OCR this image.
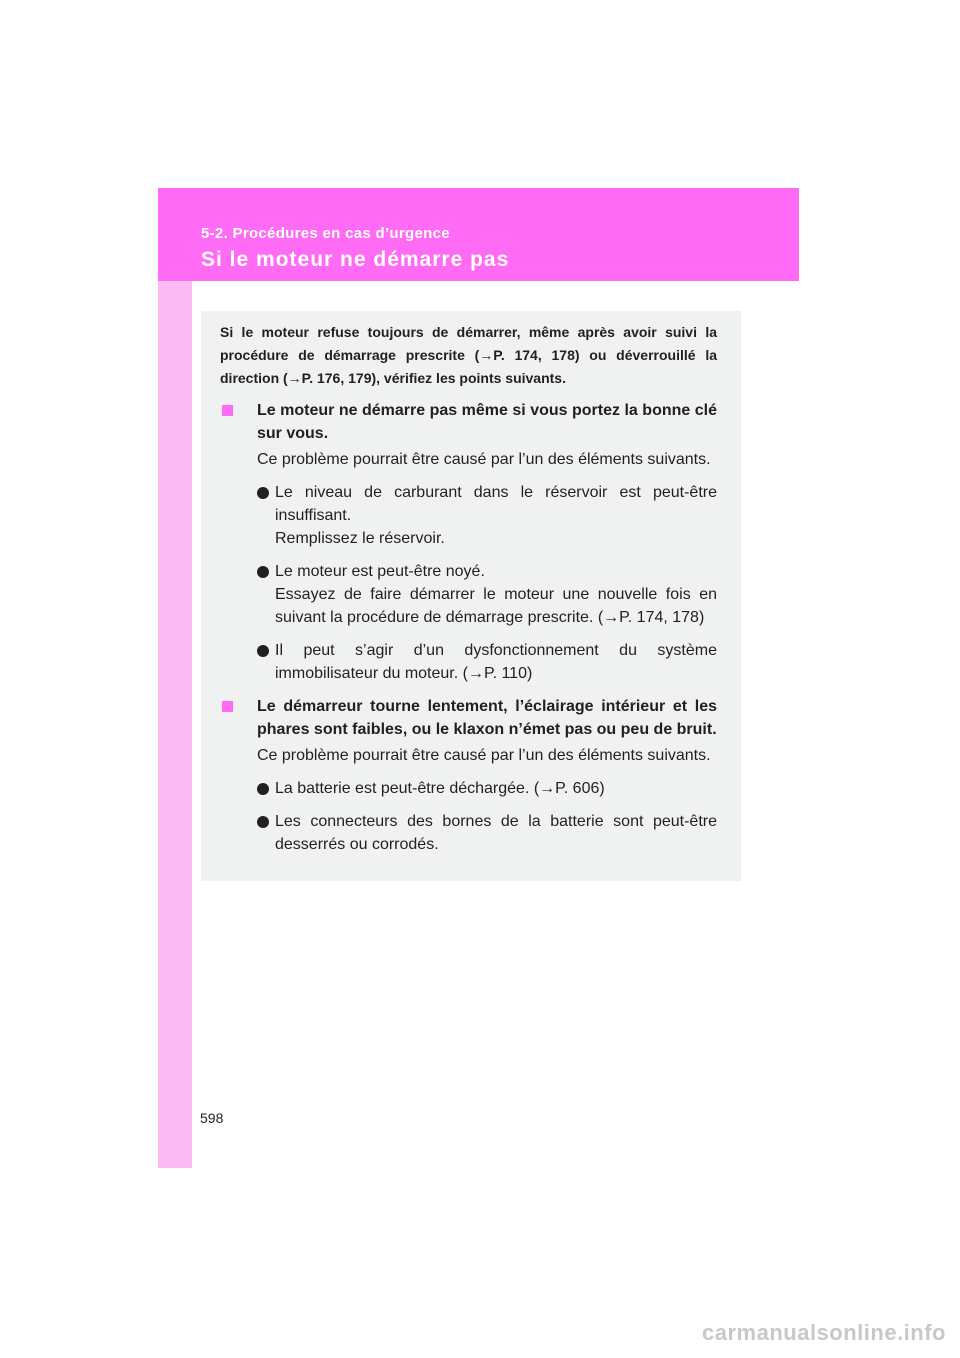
5-2. Procédures en cas d’urgence
Si le moteur ne démarre pas

Si le moteur refuse toujours de démarrer, même après avoir suivi la procédure de démarrage prescrite (→P. 174, 178) ou déverrouillé la direction (→P. 176, 179), vérifiez les points suivants.

Le moteur ne démarre pas même si vous portez la bonne clé sur vous.

Ce problème pourrait être causé par l’un des éléments suivants.

Le niveau de carburant dans le réservoir est peut-être insuffisant.
Remplissez le réservoir.
Le moteur est peut-être noyé.
Essayez de faire démarrer le moteur une nouvelle fois en suivant la procédure de démarrage prescrite. (→P. 174, 178)
Il peut s’agir d’un dysfonctionnement du système immobilisateur du moteur. (→P. 110)
Le démarreur tourne lentement, l’éclairage intérieur et les phares sont faibles, ou le klaxon n’émet pas ou peu de bruit.

Ce problème pourrait être causé par l’un des éléments suivants.

La batterie est peut-être déchargée. (→P. 606)
Les connecteurs des bornes de la batterie sont peut-être desserrés ou corrodés.
598
carmanualsonline.info
